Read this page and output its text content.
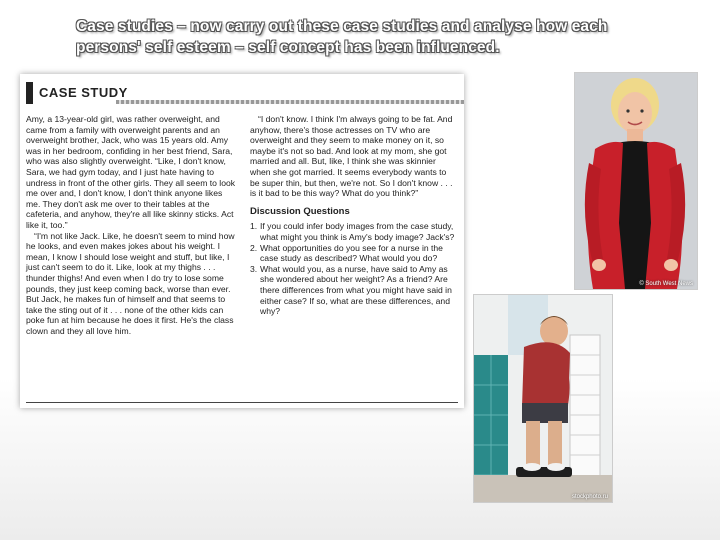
Case studies – now carry out these case studies and analyse how each persons' self esteem – self concept has been influenced.
CASE STUDY

Amy, a 13-year-old girl, was rather overweight, and came from a family with overweight parents and an overweight brother, Jack, who was 15 years old. Amy was in her bedroom, confiding in her best friend, Sara, who was also slightly overweight. “Like, I don't know, Sara, we had gym today, and I just hate having to undress in front of the other girls. They all seem to look me over and, I don't know, I don't think anyone likes me. They don't ask me over to their tables at the cafeteria, and anyhow, they're all like skinny sticks. Act like it, too.”

“I'm not like Jack. Like, he doesn't seem to mind how he looks, and even makes jokes about his weight. I mean, I know I should lose weight and stuff, but like, I just can't seem to do it. Like, look at my thighs . . . thunder thighs! And even when I do try to lose some pounds, they just keep coming back, worse than ever. But Jack, he makes fun of himself and that seems to take the sting out of it . . . none of the other kids can poke fun at him because he does it first. He's the class clown and they all love him.

“I don't know. I think I'm always going to be fat. And anyhow, there's those actresses on TV who are overweight and they seem to make money on it, so maybe it's not so bad. And look at my mom, she got married and all. But, like, I think she was skinnier when she got married. It seems everybody wants to be super thin, but then, we're not. So I don't know . . . is it bad to be this way? What do you think?”

Discussion Questions
1. If you could infer body images from the case study, what might you think is Amy's body image? Jack's?
2. What opportunities do you see for a nurse in the case study as described? What would you do?
3. What would you, as a nurse, have said to Amy as she wondered about her weight? As a friend? Are there differences from what you might have said in either case? If so, what are these differences, and why?
© South West News
stockphoto.ru
